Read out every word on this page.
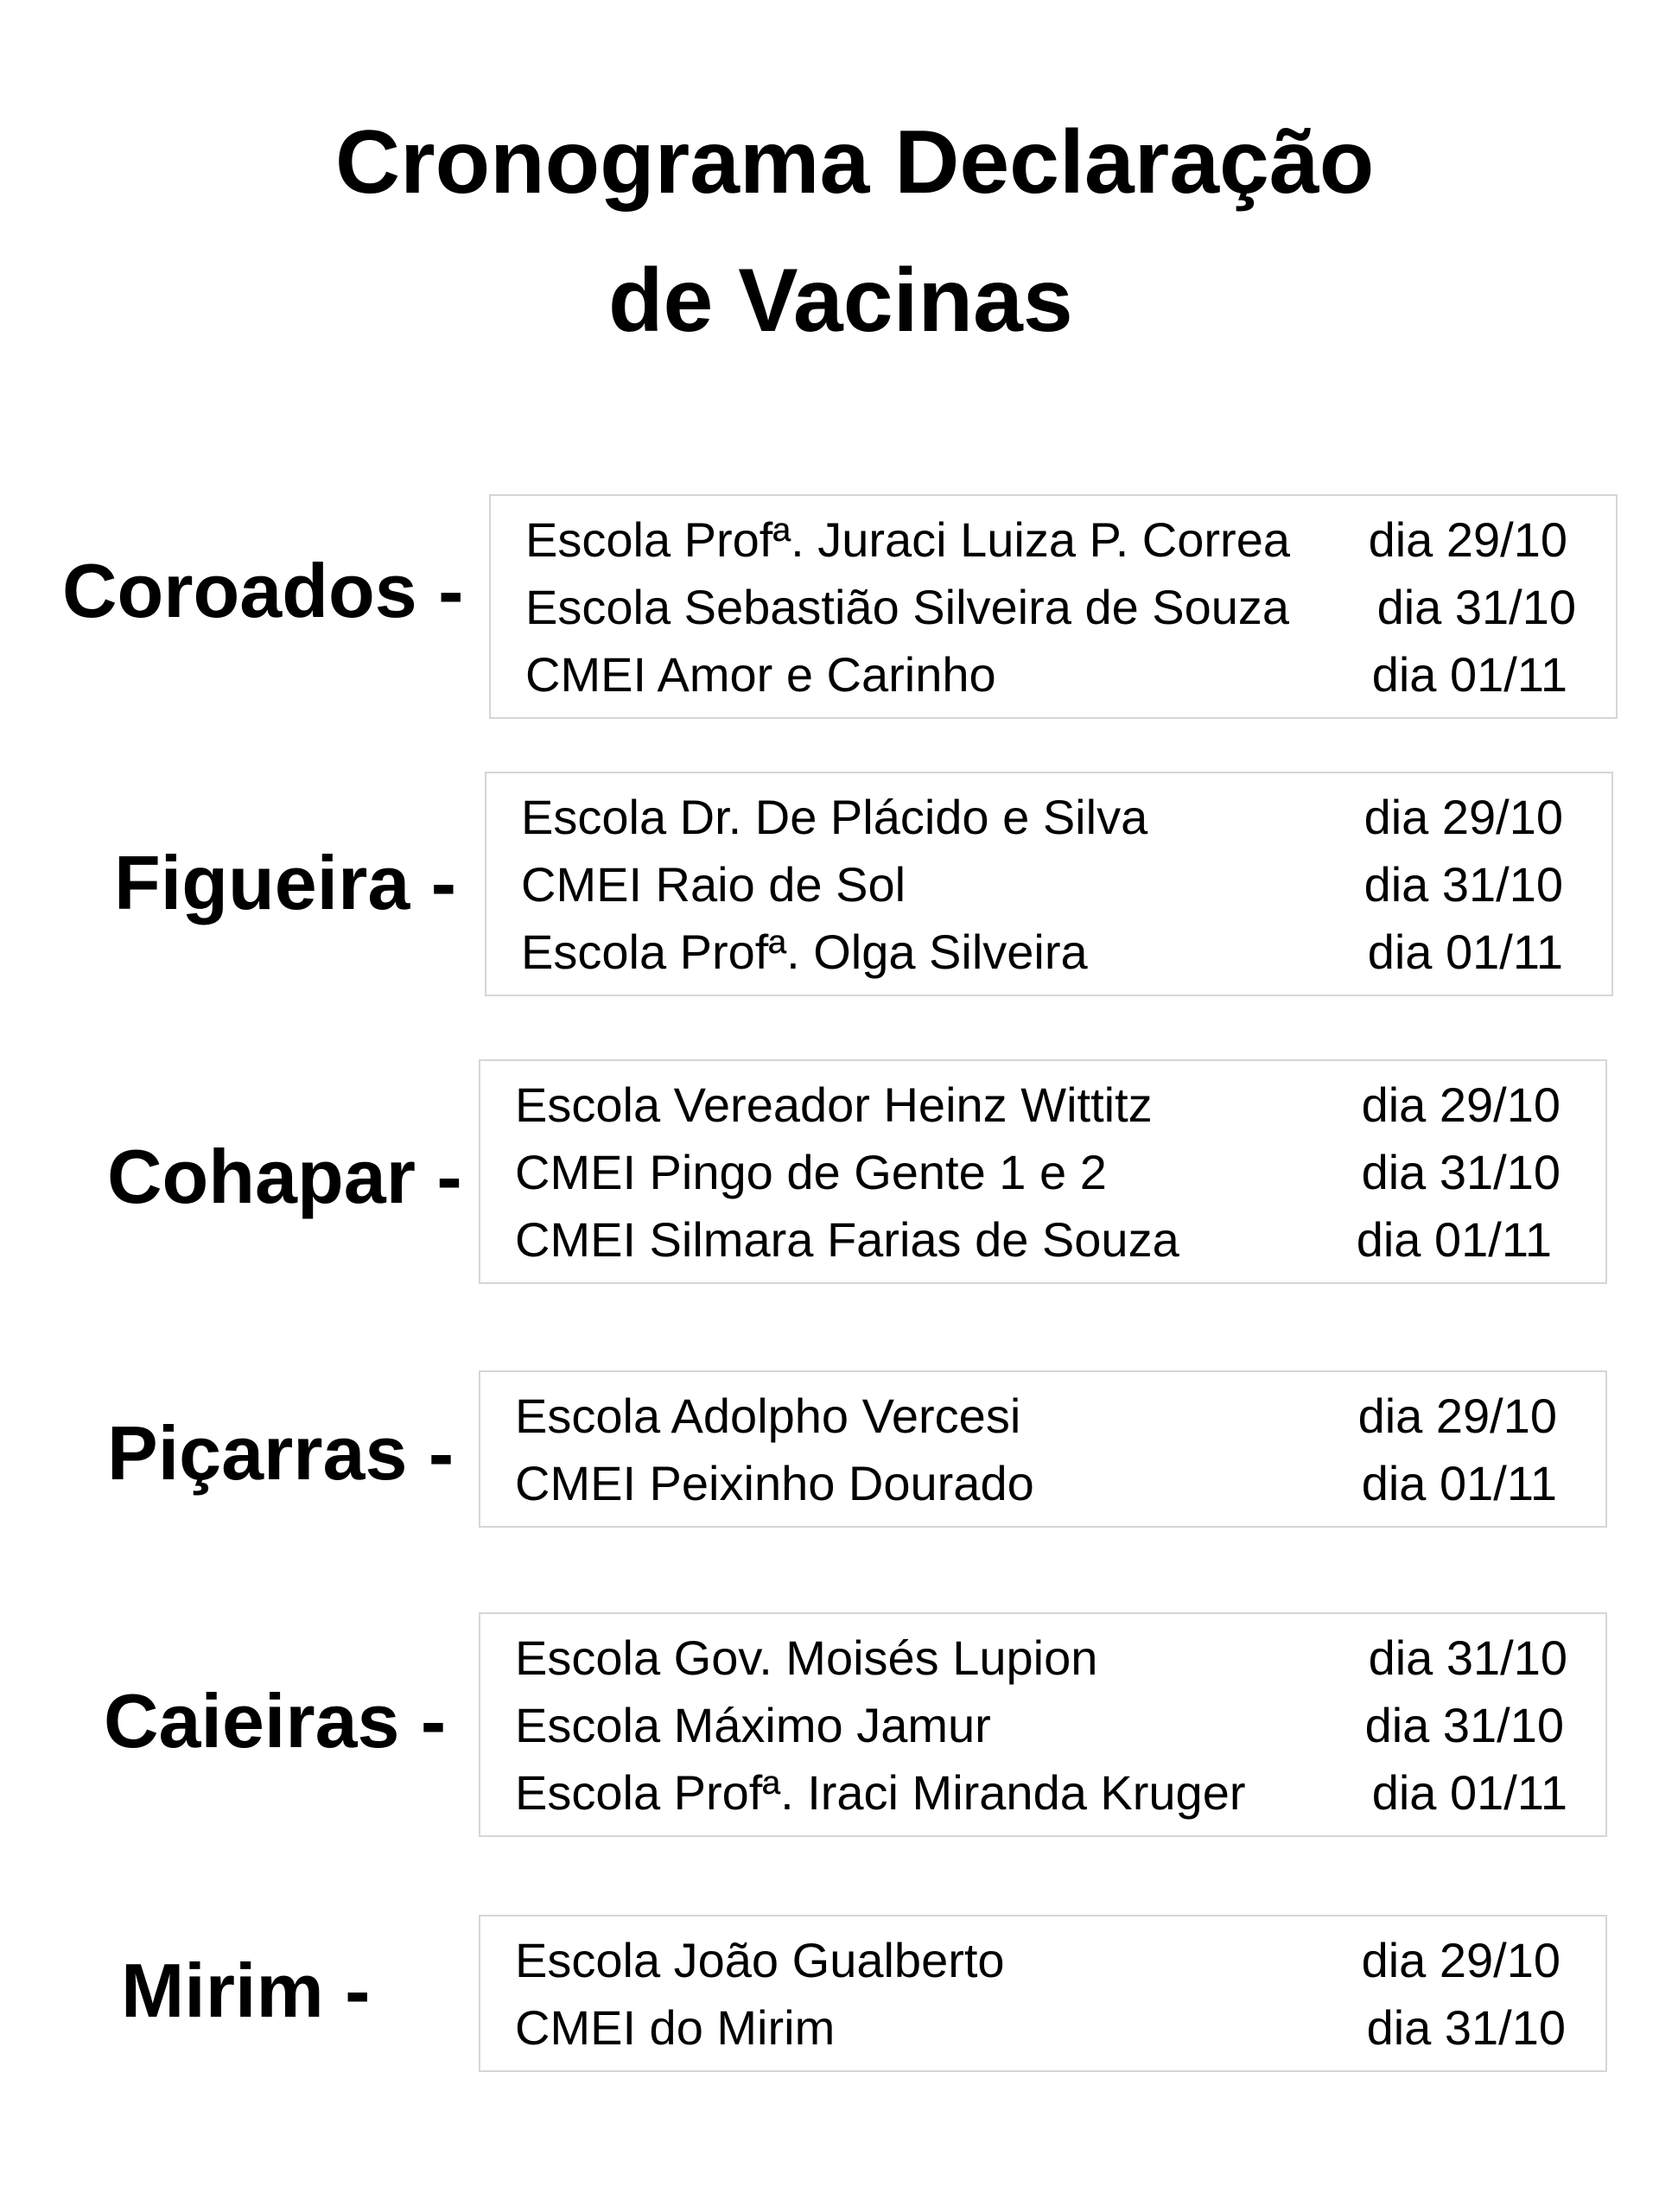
Cronograma Declaração
de Vacinas
Coroados -
Escola Profª. Juraci Luiza P. Correa dia 29/10
Escola Sebastião Silveira de Souza dia 31/10
CMEI Amor e Carinho	dia 01/11
Figueira -
Escola Dr. De Plácido e Silva	dia 29/10
CMEI Raio de Sol	dia 31/10
Escola Profª. Olga Silveira	dia 01/11
Cohapar -
Escola Vereador Heinz Wittitz	dia 29/10
CMEI Pingo de Gente 1 e 2	dia 31/10
CMEI Silmara Farias de Souza	dia 01/11
Piçarras - Escola Adolpho Vercesi	dia 29/10
CMEI Peixinho Dourado	dia 01/11
Caieiras -
Escola Gov. Moisés Lupion	dia 31/10
Escola Máximo Jamur	dia 31/10
Escola Profª. Iraci Miranda Kruger	dia 01/11
Mirim -	Escola João Gualberto	dia 29/10
CMEI do Mirim	dia 31/10
